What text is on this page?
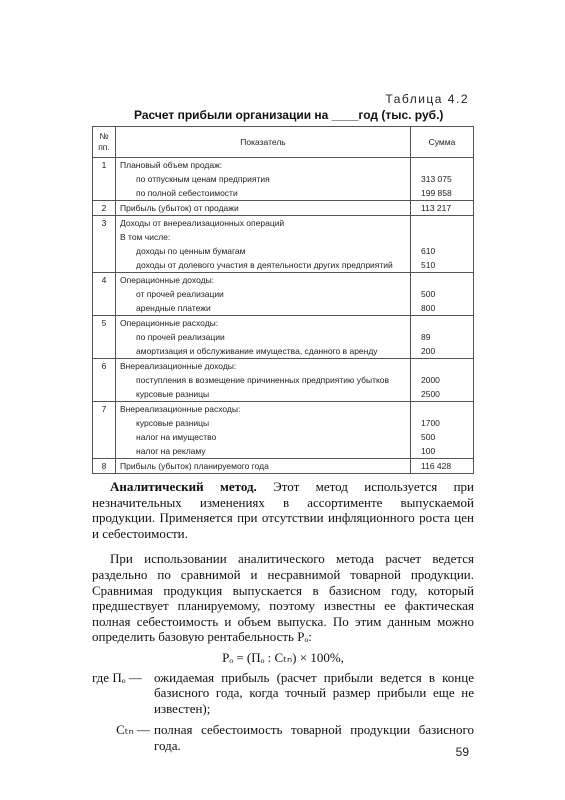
Таблица 4.2
Расчет прибыли организации на ____год (тыс. руб.)
№ пп.	Показатель	Сумма
1	Плановый объем продаж:	
	по отпускным ценам предприятия	313 075
	по полной себестоимости	199 858
2	Прибыль (убыток) от продажи	113 217
3	Доходы от внереализационных операций	
	В том числе:	
	доходы по ценным бумагам	610
	доходы от долевого участия в деятельности других предприятий	510
4	Операционные доходы:	
	от прочей реализации	500
	арендные платежи	800
5	Операционные расходы:	
	по прочей реализации	89
	амортизация и обслуживание имущества, сданного в аренду	200
6	Внереализационные доходы:	
	поступления в возмещение причиненных предприятию убытков	2000
	курсовые разницы	2500
7	Внереализационные расходы:	
	курсовые разницы	1700
	налог на имущество	500
	налог на рекламу	100
8	Прибыль (убыток) планируемого года	116 428

Аналитический метод. Этот метод используется при незначительных изменениях в ассортименте выпускаемой продукции. Применяется при отсутствии инфляционного роста цен и себестоимости.

При использовании аналитического метода расчет ведется раздельно по сравнимой и несравнимой товарной продукции. Сравнимая продукция выпускается в базисном году, который предшествует планируемому, поэтому известны ее фактическая полная себестоимость и объем выпуска. По этим данным можно определить базовую рентабельность Pₒ:

Pₒ = (Пₒ : Cₜₙ) × 100%,
где Пₒ — ожидаемая прибыль (расчет прибыли ведется в конце базисного года, когда точный размер прибыли еще не известен);
Cₜₙ — полная себестоимость товарной продукции базисного года.	59
